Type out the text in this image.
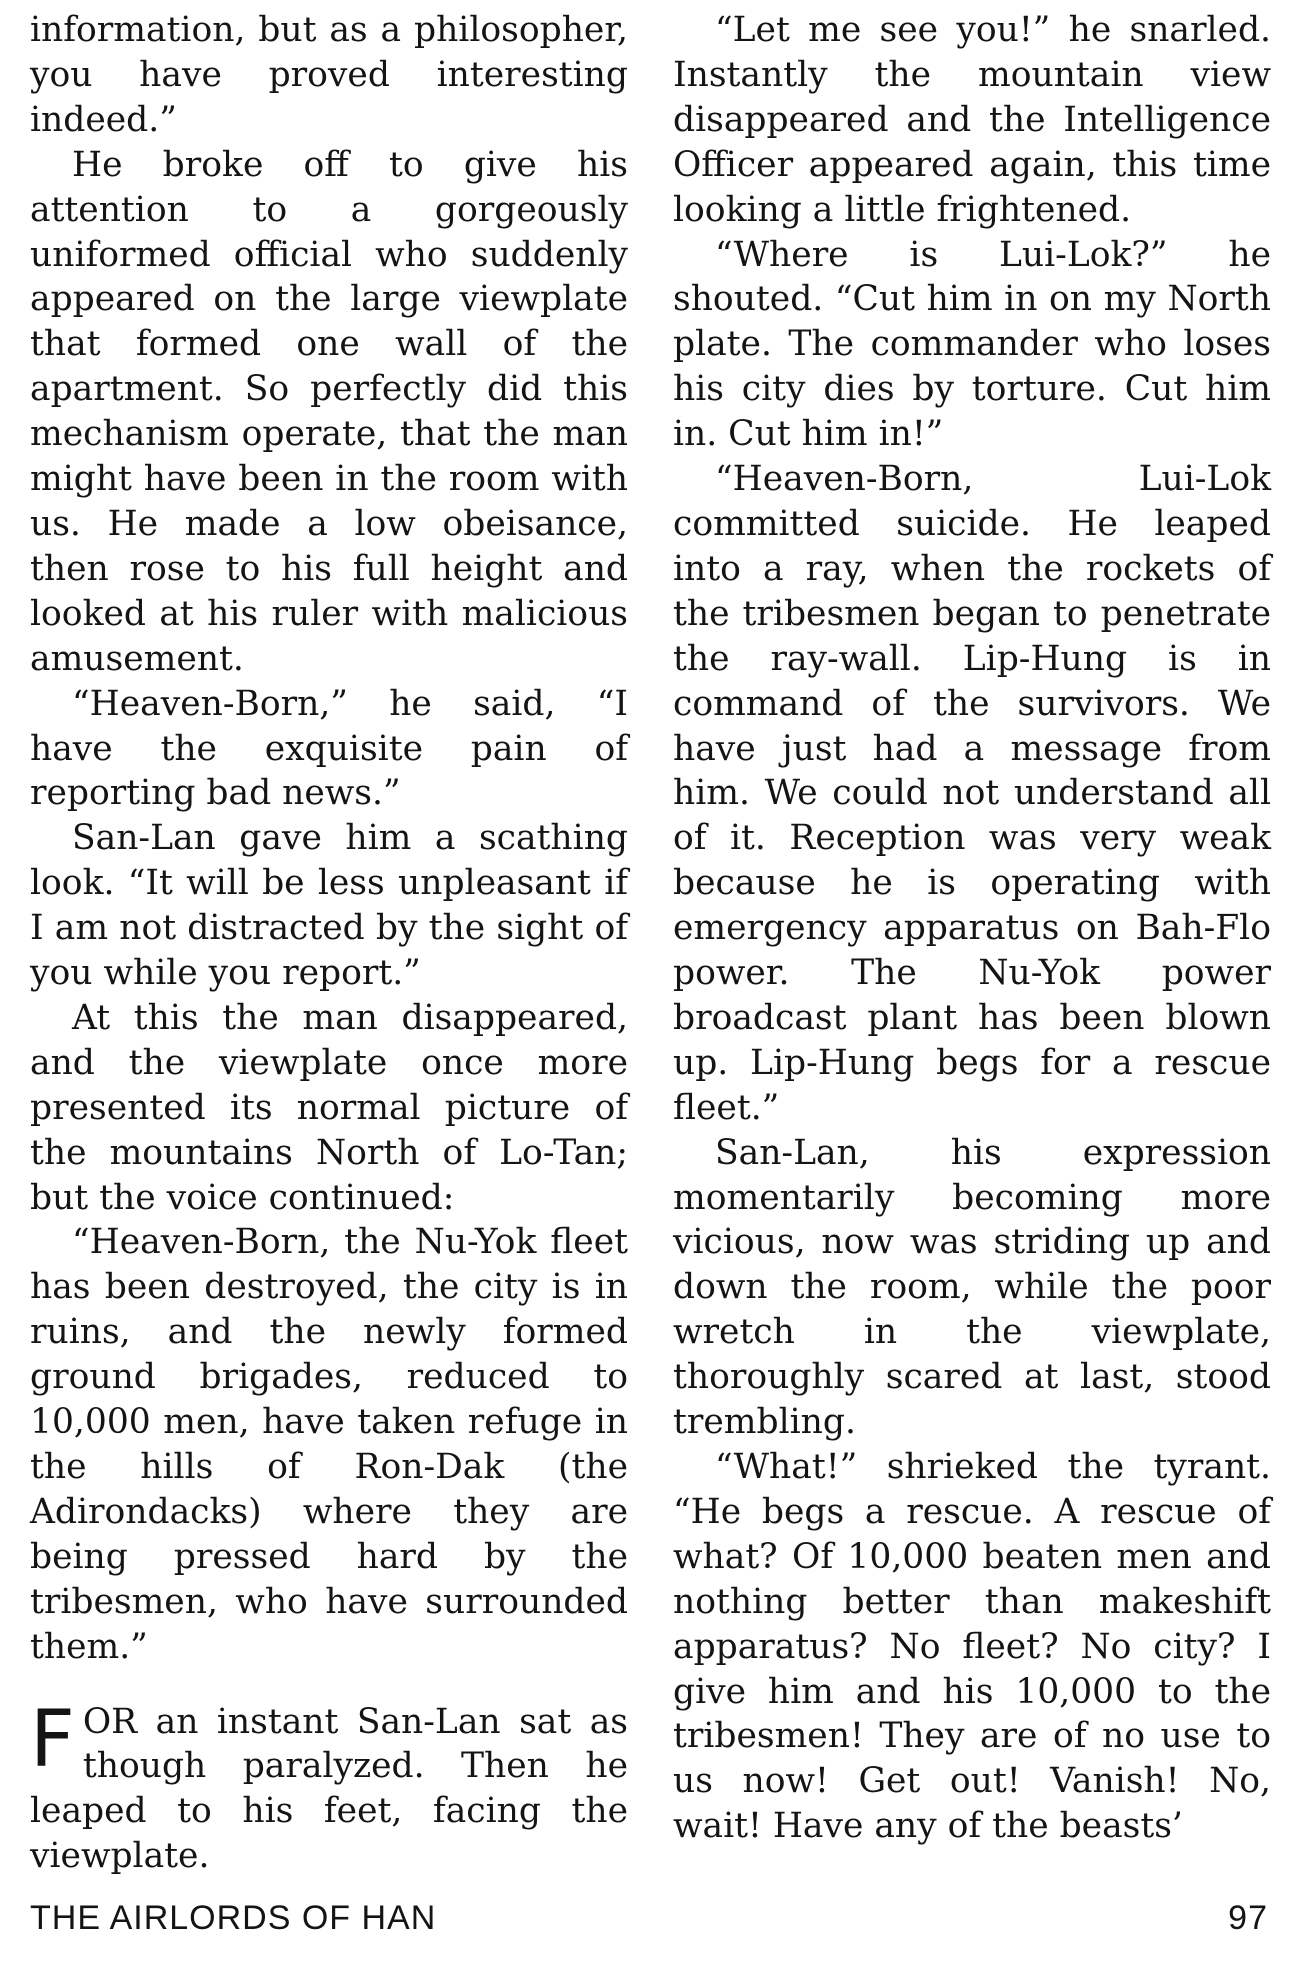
information, but as a philosopher, you have proved interesting indeed.”

He broke off to give his attention to a gorgeously uniformed official who suddenly appeared on the large viewplate that formed one wall of the apartment. So perfectly did this mechanism operate, that the man might have been in the room with us. He made a low obeisance, then rose to his full height and looked at his ruler with malicious amusement.

“Heaven-Born,” he said, “I have the exquisite pain of reporting bad news.”

San-Lan gave him a scathing look. “It will be less unpleasant if I am not distracted by the sight of you while you report.”

At this the man disappeared, and the viewplate once more presented its normal picture of the mountains North of Lo-Tan; but the voice continued:

“Heaven-Born, the Nu-Yok fleet has been destroyed, the city is in ruins, and the newly formed ground brigades, reduced to 10,000 men, have taken refuge in the hills of Ron-Dak (the Adirondacks) where they are being pressed hard by the tribesmen, who have surrounded them.”

FOR an instant San-Lan sat as though paralyzed. Then he leaped to his feet, facing the viewplate.

“Let me see you!” he snarled. Instantly the mountain view disappeared and the Intelligence Officer appeared again, this time looking a little frightened.

“Where is Lui-Lok?” he shouted. “Cut him in on my North plate. The commander who loses his city dies by torture. Cut him in. Cut him in!”

“Heaven-Born, Lui-Lok committed suicide. He leaped into a ray, when the rockets of the tribesmen began to penetrate the ray-wall. Lip-Hung is in command of the survivors. We have just had a message from him. We could not understand all of it. Reception was very weak because he is operating with emergency apparatus on Bah-Flo power. The Nu-Yok power broadcast plant has been blown up. Lip-Hung begs for a rescue fleet.”

San-Lan, his expression momentarily becoming more vicious, now was striding up and down the room, while the poor wretch in the viewplate, thoroughly scared at last, stood trembling.

“What!” shrieked the tyrant. “He begs a rescue. A rescue of what? Of 10,000 beaten men and nothing better than makeshift apparatus? No fleet? No city? I give him and his 10,000 to the tribesmen! They are of no use to us now! Get out! Vanish! No, wait! Have any of the beasts’

THE AIRLORDS OF HAN	97
